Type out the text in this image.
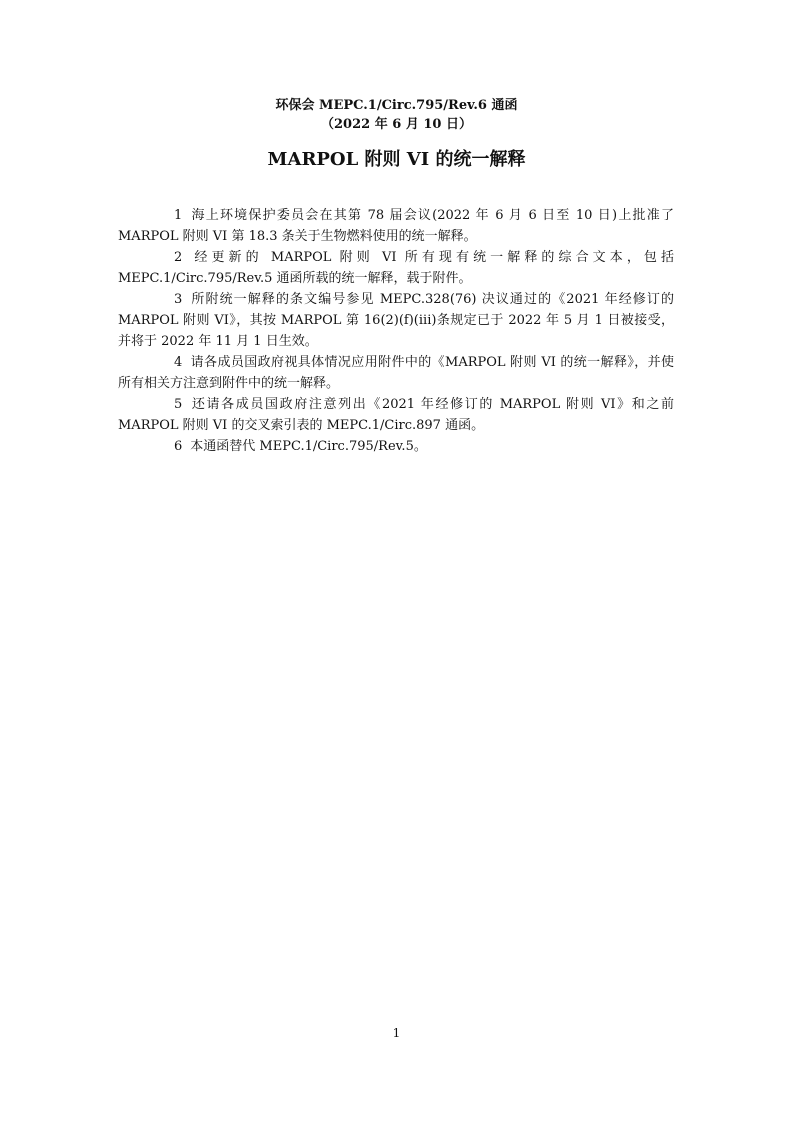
环保会 MEPC.1/Circ.795/Rev.6 通函
（2022 年 6 月 10 日）
MARPOL 附则 VI 的统一解释

1 海上环境保护委员会在其第 78 届会议(2022 年 6 月 6 日至 10 日)上批准了 MARPOL 附则 VI 第 18.3 条关于生物燃料使用的统一解释。

2 经更新的 MARPOL 附则 VI 所有现有统一解释的综合文本，包括 MEPC.1/Circ.795/Rev.5 通函所载的统一解释，载于附件。

3 所附统一解释的条文编号参见 MEPC.328(76) 决议通过的《2021 年经修订的 MARPOL 附则 VI》，其按 MARPOL 第 16(2)(f)(iii)条规定已于 2022 年 5 月 1 日被接受，并将于 2022 年 11 月 1 日生效。

4 请各成员国政府视具体情况应用附件中的《MARPOL 附则 VI 的统一解释》，并使所有相关方注意到附件中的统一解释。

5 还请各成员国政府注意列出《2021 年经修订的 MARPOL 附则 VI》和之前 MARPOL 附则 VI 的交叉索引表的 MEPC.1/Circ.897 通函。

6 本通函替代 MEPC.1/Circ.795/Rev.5。

1
